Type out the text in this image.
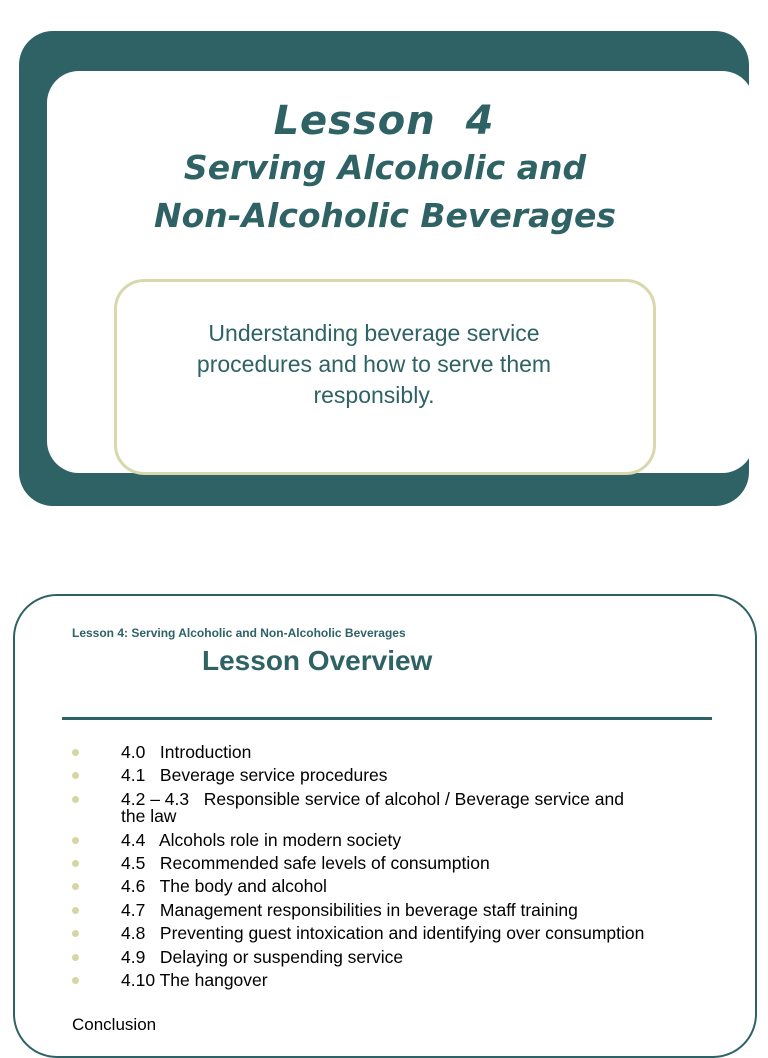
Lesson  4
Serving Alcoholic and
Non-Alcoholic Beverages
Understanding beverage service
procedures and how to serve them
responsibly.
Lesson 4: Serving Alcoholic and Non-Alcoholic Beverages
Lesson Overview
4.0   Introduction
4.1   Beverage service procedures
4.2 – 4.3   Responsible service of alcohol / Beverage service and
the law
4.4   Alcohols role in modern society
4.5   Recommended safe levels of consumption
4.6   The body and alcohol
4.7   Management responsibilities in beverage staff training
4.8   Preventing guest intoxication and identifying over consumption
4.9   Delaying or suspending service
4.10 The hangover
Conclusion
